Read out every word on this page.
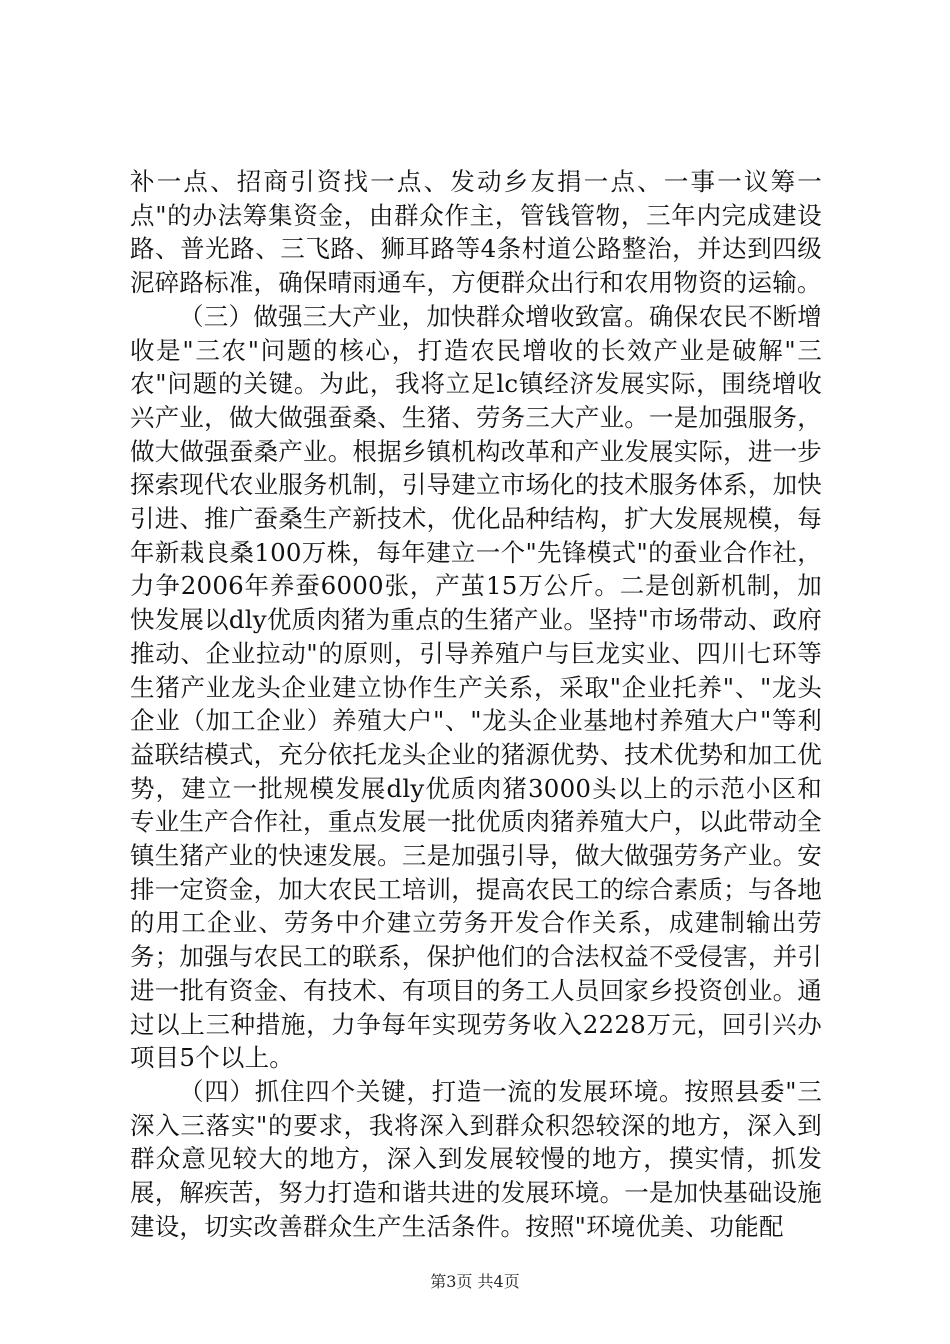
补一点、招商引资找一点、发动乡友捐一点、一事一议筹一点"的办法筹集资金，由群众作主，管钱管物，三年内完成建设路、普光路、三飞路、狮耳路等4条村道公路整治，并达到四级泥碎路标准，确保晴雨通车，方便群众出行和农用物资的运输。

（三）做强三大产业，加快群众增收致富。确保农民不断增收是"三农"问题的核心，打造农民增收的长效产业是破解"三农"问题的关键。为此，我将立足lc镇经济发展实际，围绕增收兴产业，做大做强蚕桑、生猪、劳务三大产业。一是加强服务，做大做强蚕桑产业。根据乡镇机构改革和产业发展实际，进一步探索现代农业服务机制，引导建立市场化的技术服务体系，加快引进、推广蚕桑生产新技术，优化品种结构，扩大发展规模，每年新栽良桑100万株，每年建立一个"先锋模式"的蚕业合作社，力争2006年养蚕6000张，产茧15万公斤。二是创新机制，加快发展以dly优质肉猪为重点的生猪产业。坚持"市场带动、政府推动、企业拉动"的原则，引导养殖户与巨龙实业、四川七环等生猪产业龙头企业建立协作生产关系，采取"企业托养"、"龙头企业（加工企业）养殖大户"、"龙头企业基地村养殖大户"等利益联结模式，充分依托龙头企业的猪源优势、技术优势和加工优势，建立一批规模发展dly优质肉猪3000头以上的示范小区和专业生产合作社，重点发展一批优质肉猪养殖大户，以此带动全镇生猪产业的快速发展。三是加强引导，做大做强劳务产业。安排一定资金，加大农民工培训，提高农民工的综合素质；与各地的用工企业、劳务中介建立劳务开发合作关系，成建制输出劳务；加强与农民工的联系，保护他们的合法权益不受侵害，并引进一批有资金、有技术、有项目的务工人员回家乡投资创业。通过以上三种措施，力争每年实现劳务收入2228万元，回引兴办项目5个以上。

（四）抓住四个关键，打造一流的发展环境。按照县委"三深入三落实"的要求，我将深入到群众积怨较深的地方，深入到群众意见较大的地方，深入到发展较慢的地方，摸实情，抓发展，解疾苦，努力打造和谐共进的发展环境。一是加快基础设施建设，切实改善群众生产生活条件。按照"环境优美、功能配

第3页 共4页
